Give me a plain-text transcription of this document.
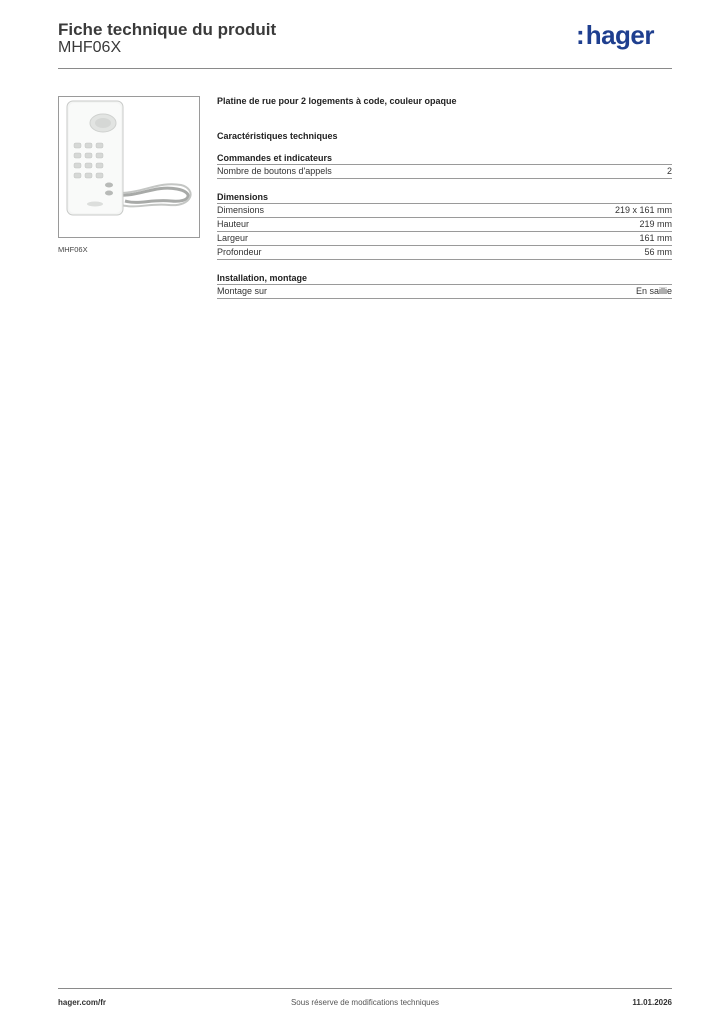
Fiche technique du produit
MHF06X	:hager
MHF06X
Platine de rue pour 2 logements à code, couleur opaque
Caractéristiques techniques
Commandes et indicateurs
Nombre de boutons d'appels	2
Dimensions
Dimensions	219 x 161 mm
Hauteur	219 mm
Largeur	161 mm
Profondeur	56 mm
Installation, montage
Montage sur	En saillie
hager.com/fr	Sous réserve de modifications techniques	11.01.2026
